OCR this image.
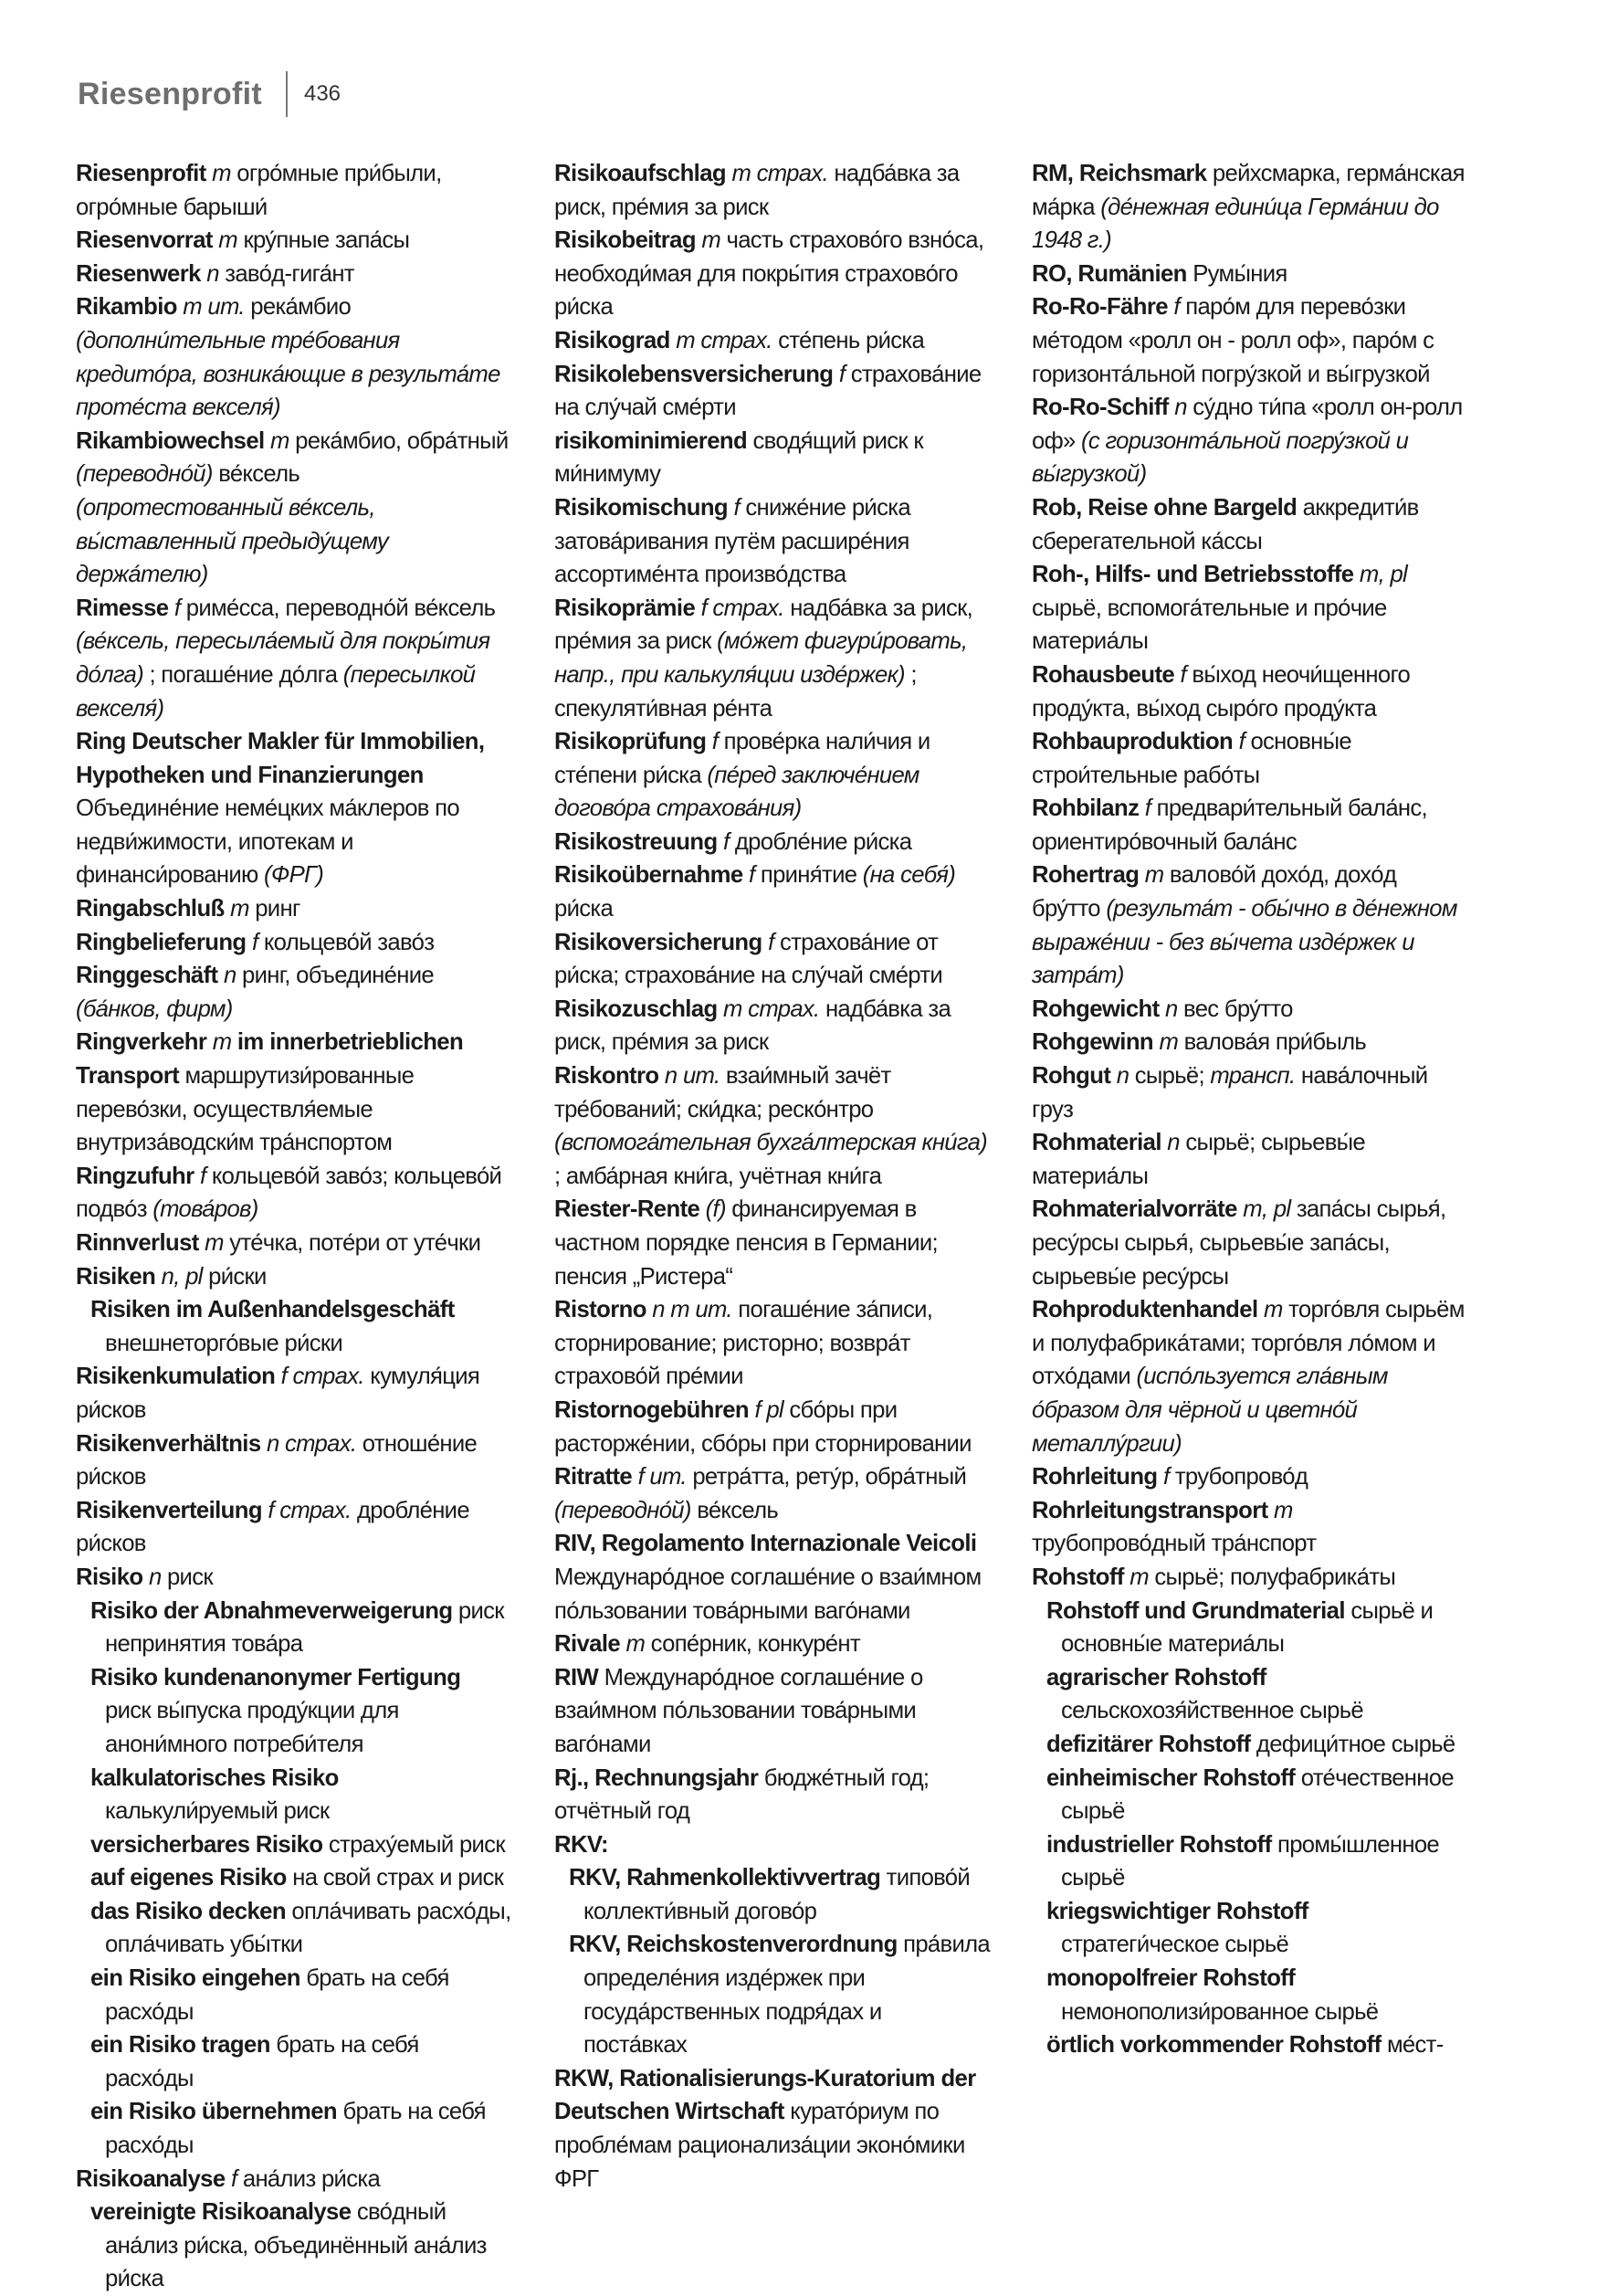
Riesenprofit 436
Riesenprofit m огро́мные при́были, огро́мные барыши́
Riesenvorrat m кру́пные запа́сы
Riesenwerk n заво́д-гига́нт
Rikambio m ит. река́мбио (дополни́тельные тре́бования кредито́ра, возника́ющие в результа́те проте́ста векселя́)
Rikambiowechsel m река́мбио, обра́тный (переводно́й) ве́ксель (опротестованный ве́ксель, вы́ставленный предыду́щему держа́телю)
Rimesse f риме́сса, переводно́й ве́ксель (ве́ксель, пересыла́емый для покры́тия до́лга) ; погаше́ние до́лга (пересылкой векселя́)
Ring Deutscher Makler für Immobilien, Hypotheken und Finanzierungen Объедине́ние неме́цких ма́клеров по недви́жимости, ипотекам и финанси́рованию (ФРГ)
Ringabschluß m ринг
Ringbelieferung f кольцево́й заво́з
Ringgeschäft n ринг, объедине́ние (ба́нков, фирм)
Ringverkehr m im innerbetrieblichen Transport маршрутизи́рованные перево́зки, осуществля́емые внутриза́водски́м тра́нспортом
Ringzufuhr f кольцево́й заво́з; кольцево́й подво́з (това́ров)
Rinnverlust m уте́чка, поте́ри от уте́чки
Risiken n, pl ри́ски
Risiken im Außenhandelsgeschäft внешнеторго́вые ри́ски
Risikenkumulation f страх. кумуля́ция ри́сков
Risikenverhältnis n страх. отноше́ние ри́сков
Risikenverteilung f страх. дробле́ние ри́сков
Risiko n риск
Risiko der Abnahmeverweigerung риск непринятия това́ра
Risiko kundenanonymer Fertigung риск вы́пуска проду́кции для анони́много потреби́теля
kalkulatorisches Risiko калькули́руемый риск
versicherbares Risiko страху́емый риск
auf eigenes Risiko на свой страх и риск
das Risiko decken опла́чивать расхо́ды, опла́чивать убы́тки
ein Risiko eingehen брать на себя́ расхо́ды
ein Risiko tragen брать на себя́ расхо́ды
ein Risiko übernehmen брать на себя́ расхо́ды
Risikoanalyse f ана́лиз ри́ска
vereinigte Risikoanalyse сво́дный ана́лиз ри́ска, объединённый ана́лиз ри́ска
Risikoaufschlag m страх. надба́вка за риск, пре́мия за риск
Risikobeitrag m часть страхово́го взно́са, необходи́мая для покры́тия страхово́го ри́ска
Risikograd m страх. сте́пень ри́ска
Risikolebensversicherung f страхова́ние на слу́чай сме́рти
risikominimierend сводя́щий риск к ми́нимуму
Risikomischung f сниже́ние ри́ска затова́ривания путём расшире́ния ассортиме́нта произво́дства
Risikoprämie f страх. надба́вка за риск, пре́мия за риск (мо́жет фигури́ровать, напр., при калькуля́ции изде́ржек) ; спекуляти́вная ре́нта
Risikoprüfung f прове́рка нали́чия и сте́пени ри́ска (пе́ред заключе́нием догово́ра страхова́ния)
Risikostreuung f дробле́ние ри́ска
Risikoübernahme f приня́тие (на себя́) ри́ска
Risikoversicherung f страхова́ние от ри́ска; страхова́ние на слу́чай сме́рти
Risikozuschlag m страх. надба́вка за риск, пре́мия за риск
Riskontro n ит. взаи́мный зачёт тре́бований; ски́дка; реско́нтро (вспомога́тельная бухга́лтерская кни́га) ; амба́рная кни́га, учётная кни́га
Riester-Rente (f) финансируемая в частном порядке пенсия в Германии; пенсия „Ристера“
Ristorno n m ит. погаше́ние за́писи, сторнирование; ристорно; возвра́т страхово́й пре́мии
Ristornogebühren f pl сбо́ры при расторже́нии, сбо́ры при сторнировании
Ritratte f ит. ретра́тта, рету́р, обра́тный (переводно́й) ве́ксель
RIV, Regolamento Internazionale Veicoli Междунаро́дное соглаше́ние о взаи́мном по́льзовании това́рными ваго́нами
Rivale m сопе́рник, конкуре́нт
RIW Междунаро́дное соглаше́ние о взаи́мном по́льзовании това́рными ваго́нами
Rj., Rechnungsjahr бюдже́тный год; отчётный год
RKV:
RKV, Rahmenkollektivvertrag типово́й коллекти́вный догово́р
RKV, Reichskostenverordnung пра́вила определе́ния изде́ржек при госуда́рственных подря́дах и поста́вках
RKW, Rationalisierungs-Kuratorium der Deutschen Wirtschaft курато́риум по пробле́мам рационализа́ции эконо́мики ФРГ
RM, Reichsmark рейхсмарка, герма́нская ма́рка (де́нежная едини́ца Герма́нии до 1948 г.)
RO, Rumänien Румы́ния
Ro-Ro-Fähre f паро́м для перево́зки ме́тодом «ролл он - ролл оф», паро́м с горизонта́льной погру́зкой и вы́грузкой
Ro-Ro-Schiff n су́дно ти́па «ролл он-ролл оф» (с горизонта́льной погру́зкой и вы́грузкой)
Rob, Reise ohne Bargeld аккредити́в сберегательной ка́ссы
Roh-, Hilfs- und Betriebsstoffe m, pl сырьё, вспомога́тельные и про́чие материа́лы
Rohausbeute f вы́ход неочи́щенного проду́кта, вы́ход сыро́го проду́кта
Rohbauproduktion f основны́е строи́тельные рабо́ты
Rohbilanz f предвари́тельный бала́нс, ориентиро́вочный бала́нс
Rohertrag m валово́й дохо́д, дохо́д бру́тто (результа́т - обы́чно в де́нежном выраже́нии - без вы́чета изде́ржек и затра́т)
Rohgewicht n вес бру́тто
Rohgewinn m валова́я при́быль
Rohgut n сырьё; трансп. нава́лочный груз
Rohmaterial n сырьё; сырьевы́е материа́лы
Rohmaterialvorräte m, pl запа́сы сырья́, ресу́рсы сырья́, сырьевы́е запа́сы, сырьевы́е ресу́рсы
Rohproduktenhandel m торго́вля сырьём и полуфабрика́тами; торго́вля ло́мом и отхо́дами (испо́льзуется гла́вным о́бразом для чёрной и цветно́й металлу́ргии)
Rohrleitung f трубопрово́д
Rohrleitungstransport m трубопрово́дный тра́нспорт
Rohstoff m сырьё; полуфабрика́ты
Rohstoff und Grundmaterial сырьё и основны́е материа́лы
agrarischer Rohstoff сельскохозя́йственное сырьё
defizitärer Rohstoff дефици́тное сырьё
einheimischer Rohstoff оте́чественное сырьё
industrieller Rohstoff промы́шленное сырьё
kriegswichtiger Rohstoff стратеги́ческое сырьё
monopolfreier Rohstoff немонополизи́рованное сырьё
örtlich vorkommender Rohstoff ме́ст-
